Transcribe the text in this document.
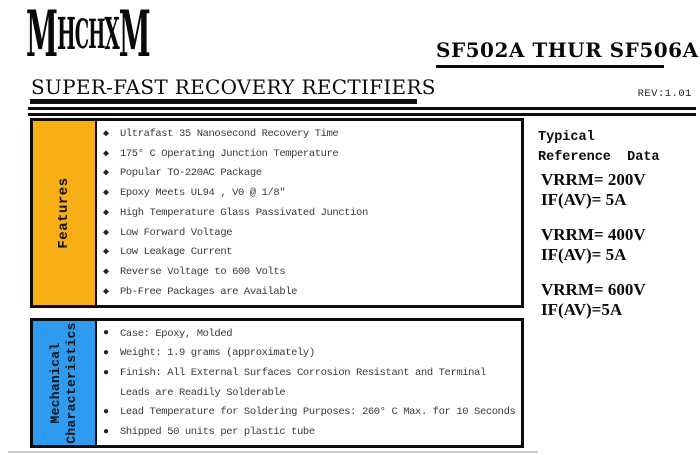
M H C H X M	SF502A THUR SF506A
REV:1.01
SUPER-FAST RECOVERY RECTIFIERS
Features
◆	Ultrafast 35 Nanosecond Recovery Time
◆	175° C Operating Junction Temperature
◆	Popular TO-220AC Package
◆	Epoxy Meets UL94 , V0 @ 1/8″
◆	High Temperature Glass Passivated Junction
◆	Low Forward Voltage
◆	Low Leakage Current
◆	Reverse Voltage to 600 Volts
◆	Pb-Free Packages are Available
Mechanical Characteristics ●	Case: Epoxy, Molded
●	Weight: 1.9 grams (approximately)
●	Finish: All External Surfaces Corrosion Resistant and Terminal
Leads are Readily Solderable
●	Lead Temperature for Soldering Purposes: 260° C Max. for 10 Seconds
●	Shipped 50 units per plastic tube
Typical
Reference  Data
VRRM= 200V
IF(AV)= 5A
VRRM= 400V
IF(AV)= 5A
VRRM= 600V
IF(AV)=5A
